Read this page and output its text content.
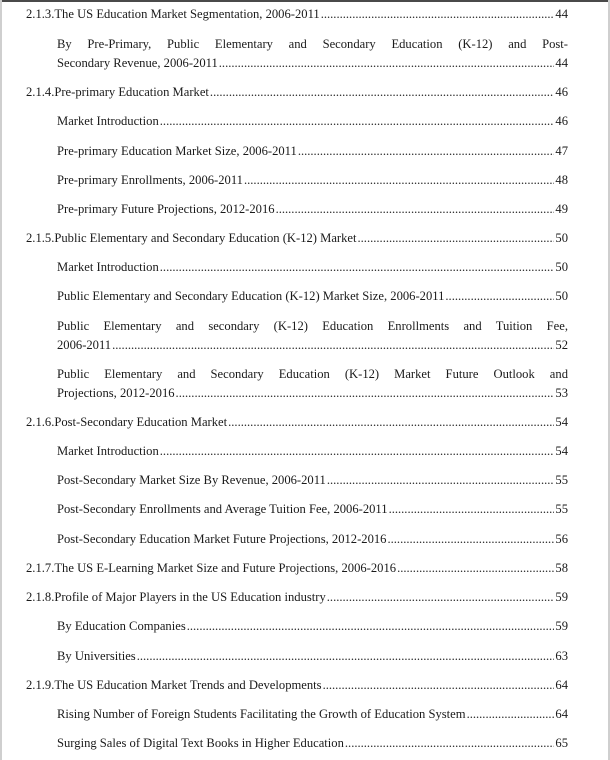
2.1.3. The US Education Market Segmentation, 2006-2011 .....	44
By Pre-Primary, Public Elementary and Secondary Education (K-12) and Post-
Secondary Revenue, 2006-2011 .....	44
2.1.4. Pre-primary Education Market .....	46
Market Introduction .....	46
Pre-primary Education Market Size, 2006-2011 .....	47
Pre-primary Enrollments, 2006-2011 .....	48
Pre-primary Future Projections, 2012-2016 .....	49
2.1.5. Public Elementary and Secondary Education (K-12) Market .....	50
Market Introduction .....	50
Public Elementary and Secondary Education (K-12) Market Size, 2006-2011 .....	50
Public Elementary and secondary (K-12) Education Enrollments and Tuition Fee,
2006-2011 .....	52
Public Elementary and Secondary Education (K-12) Market Future Outlook and
Projections, 2012-2016 .....	53
2.1.6. Post-Secondary Education Market .....	54
Market Introduction .....	54
Post-Secondary Market Size By Revenue, 2006-2011 .....	55
Post-Secondary Enrollments and Average Tuition Fee, 2006-2011 .....	55
Post-Secondary Education Market Future Projections, 2012-2016 .....	56
2.1.7. The US E-Learning Market Size and Future Projections, 2006-2016 .....	58
2.1.8. Profile of Major Players in the US Education industry .....	59
By Education Companies .....	59
By Universities .....	63
2.1.9. The US Education Market Trends and Developments .....	64
Rising Number of Foreign Students Facilitating the Growth of Education System .....	64
Surging Sales of Digital Text Books in Higher Education .....	65
